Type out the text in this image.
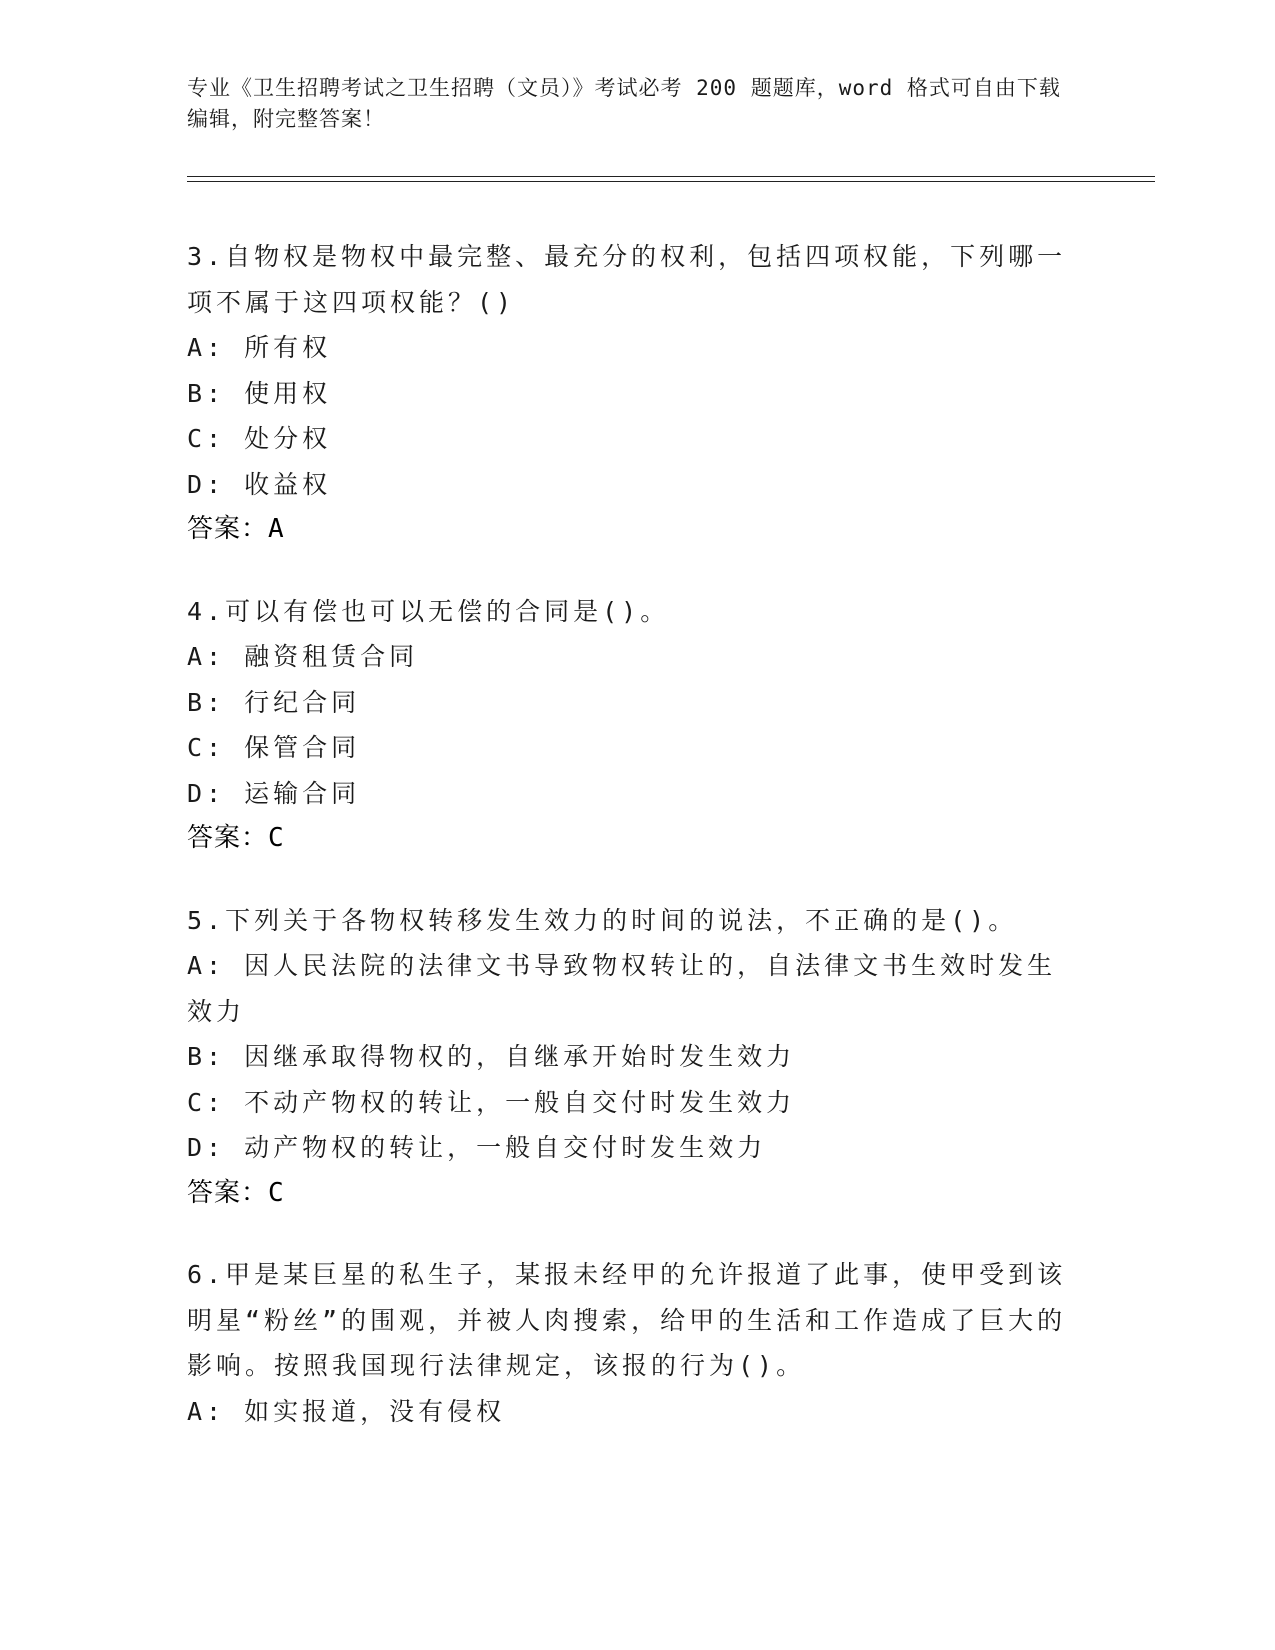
专业《卫生招聘考试之卫生招聘（文员）》考试必考 200 题题库，word 格式可自由下载编辑，附完整答案！

3.自物权是物权中最完整、最充分的权利，包括四项权能，下列哪一项不属于这四项权能？()

A: 所有权

B: 使用权

C: 处分权

D: 收益权

答案：A

4.可以有偿也可以无偿的合同是()。

A: 融资租赁合同

B: 行纪合同

C: 保管合同

D: 运输合同

答案：C

5.下列关于各物权转移发生效力的时间的说法，不正确的是()。

A: 因人民法院的法律文书导致物权转让的，自法律文书生效时发生效力

B: 因继承取得物权的，自继承开始时发生效力

C: 不动产物权的转让，一般自交付时发生效力

D: 动产物权的转让，一般自交付时发生效力

答案：C

6.甲是某巨星的私生子，某报未经甲的允许报道了此事，使甲受到该明星“粉丝”的围观，并被人肉搜索，给甲的生活和工作造成了巨大的影响。按照我国现行法律规定，该报的行为()。

A: 如实报道，没有侵权
